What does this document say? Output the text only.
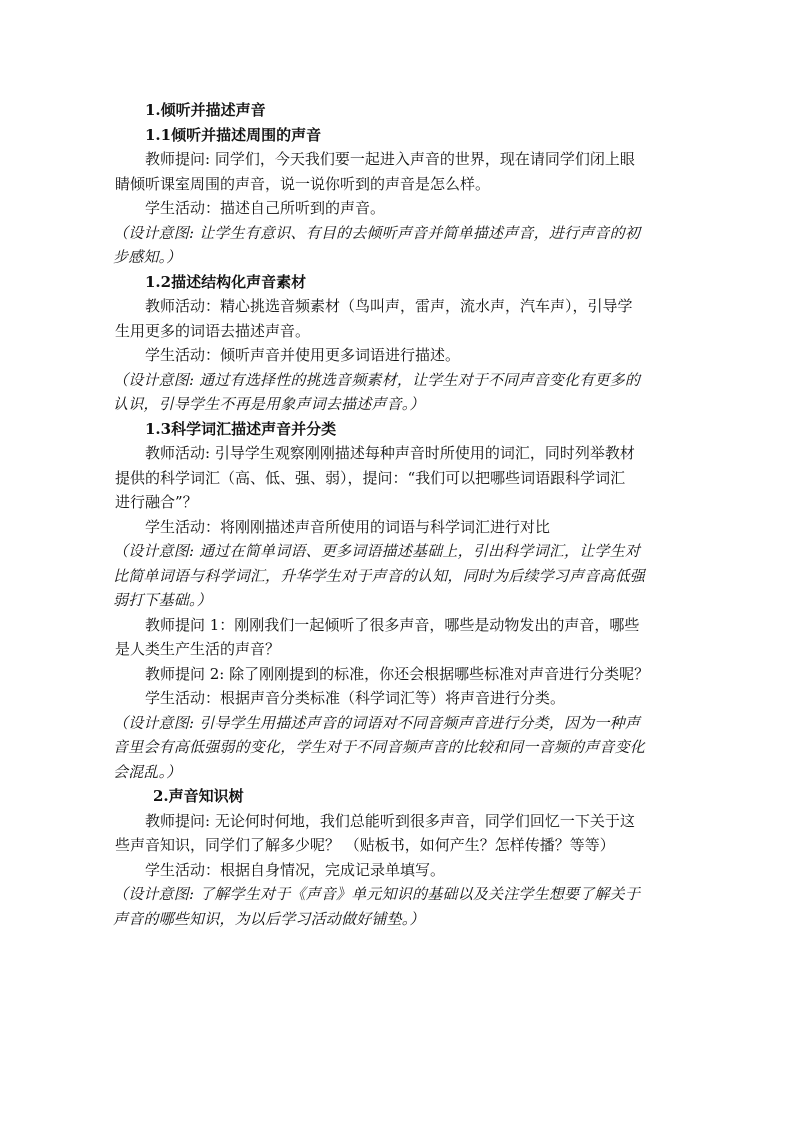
1.倾听并描述声音
1.1倾听并描述周围的声音
教师提问: 同学们，今天我们要一起进入声音的世界，现在请同学们闭上眼
睛倾听课室周围的声音，说一说你听到的声音是怎么样。
学生活动：描述自己所听到的声音。
（设计意图: 让学生有意识、有目的去倾听声音并简单描述声音，进行声音的初
步感知。）
1.2描述结构化声音素材
教师活动：精心挑选音频素材（鸟叫声，雷声，流水声，汽车声），引导学
生用更多的词语去描述声音。
学生活动：倾听声音并使用更多词语进行描述。
（设计意图: 通过有选择性的挑选音频素材，让学生对于不同声音变化有更多的
认识，引导学生不再是用象声词去描述声音。）
1.3科学词汇描述声音并分类
教师活动: 引导学生观察刚刚描述每种声音时所使用的词汇，同时列举教材
提供的科学词汇（高、低、强、弱），提问：“我们可以把哪些词语跟科学词汇
进行融合”？
学生活动：将刚刚描述声音所使用的词语与科学词汇进行对比
（设计意图: 通过在简单词语、更多词语描述基础上，引出科学词汇，让学生对
比简单词语与科学词汇，升华学生对于声音的认知，同时为后续学习声音高低强
弱打下基础。）
教师提问 1：刚刚我们一起倾听了很多声音，哪些是动物发出的声音，哪些
是人类生产生活的声音？
教师提问 2: 除了刚刚提到的标准，你还会根据哪些标准对声音进行分类呢？
学生活动：根据声音分类标准（科学词汇等）将声音进行分类。
（设计意图: 引导学生用描述声音的词语对不同音频声音进行分类，因为一种声
音里会有高低强弱的变化，学生对于不同音频声音的比较和同一音频的声音变化
会混乱。）
2.声音知识树
教师提问: 无论何时何地，我们总能听到很多声音，同学们回忆一下关于这
些声音知识，同学们了解多少呢？ （贴板书，如何产生？怎样传播？等等）
学生活动：根据自身情况，完成记录单填写。
（设计意图: 了解学生对于《声音》单元知识的基础以及关注学生想要了解关于
声音的哪些知识，为以后学习活动做好铺垫。）
